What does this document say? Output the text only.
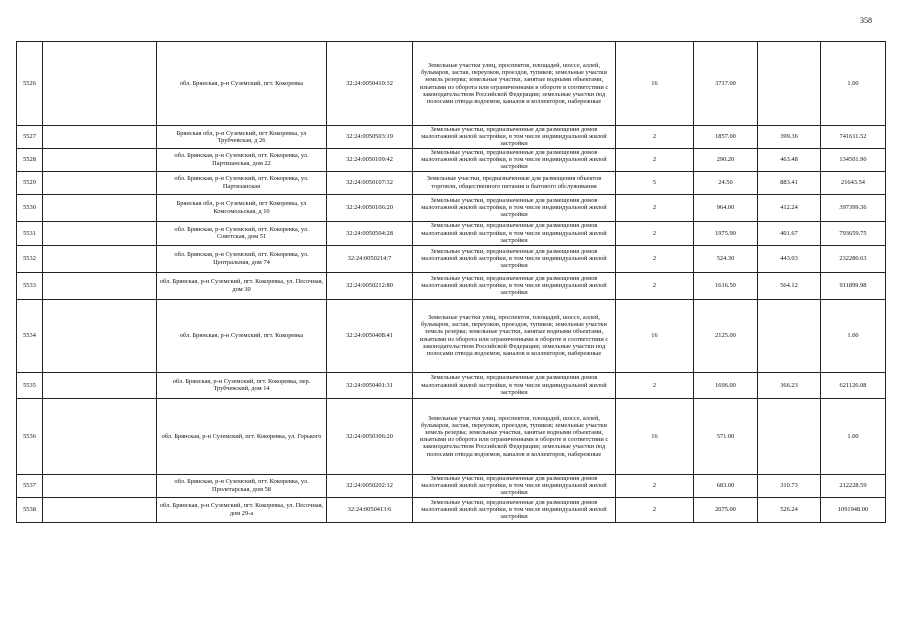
358
5526		обл. Брянская, р-н Суземский, пгт. Кокоревка	32:24:0050410:32	Земельные участки улиц, проспектов, площадей, шоссе, аллей, бульваров, застав, переулков, проездов, тупиков; земельные участки земель резерва; земельные участки, занятые водными объектами, изъятыми из оборота или ограниченными в обороте в соответствии с законодательством Российской Федерации; земельные участки под полосами отвода водоемов, каналов и коллекторов, набережные	16	3717.00		1.00
5527		Брянская обл, р-н Суземский, пгт Кокоревка, ул Трубчевская, д 26	32:24:0050503:19	Земельные участки, предназначенные для размещения домов малоэтажной жилой застройки, в том числе индивидуальной жилой застройки	2	1857.00	399.36	741611.52
5528		обл. Брянская, р-н Суземский, пгт. Кокоревка, ул. Партизанская, дом 22	32:24:0050109:42	Земельные участки, предназначенные для размещения домов малоэтажной жилой застройки, в том числе индивидуальной жилой застройки	2	290.20	463.48	134501.90
5529		обл. Брянская, р-н Суземский, пгт. Кокоревка, ул. Партизанская	32:24:0050107:32	Земельные участки, предназначенные для размещения объектов торговли, общественного питания и бытового обслуживания	5	24.50	883.41	21643.54
5530		Брянская обл, р-н Суземский, пгт Кокоревка, ул Комсомольская, д 10	32:24:0050106:20	Земельные участки, предназначенные для размещения домов малоэтажной жилой застройки, в том числе индивидуальной жилой застройки	2	964.00	412.24	397399.36
5531		обл. Брянская, р-н Суземский, пгт. Кокоревка, ул. Советская, дом 51	32:24:0050504:28	Земельные участки, предназначенные для размещения домов малоэтажной жилой застройки, в том числе индивидуальной жилой застройки	2	1975.90	401.67	793659.75
5532		обл. Брянская, р-н Суземский, пгт. Кокоревка, ул. Центральная, дом 74	32:24:0050214:7	Земельные участки, предназначенные для размещения домов малоэтажной жилой застройки, в том числе индивидуальной жилой застройки	2	524.30	443.03	232280.63
5533		обл. Брянская, р-н Суземский, пгт. Кокоревка, ул. Песочная, дом 30	32:24:0050212:80	Земельные участки, предназначенные для размещения домов малоэтажной жилой застройки, в том числе индивидуальной жилой застройки	2	1616.50	564.12	911899.98
5534		обл. Брянская, р-н Суземский, пгт. Кокоревка	32:24:0050408:41	Земельные участки улиц, проспектов, площадей, шоссе, аллей, бульваров, застав, переулков, проездов, тупиков; земельные участки земель резерва; земельные участки, занятые водными объектами, изъятыми из оборота или ограниченными в обороте в соответствии с законодательством Российской Федерации; земельные участки под полосами отвода водоемов, каналов и коллекторов, набережные	16	2125.00		1.00
5535		обл. Брянская, р-н Суземский, пгт. Кокоревка, пер. Трубчевский, дом 14	32:24:0050401:31	Земельные участки, предназначенные для размещения домов малоэтажной жилой застройки, в том числе индивидуальной жилой застройки	2	1696.00	366.23	621126.08
5536		обл. Брянская, р-н Суземский, пгт. Кокоревка, ул. Горького	32:24:0050306:20	Земельные участки улиц, проспектов, площадей, шоссе, аллей, бульваров, застав, переулков, проездов, тупиков; земельные участки земель резерва; земельные участки, занятые водными объектами, изъятыми из оборота или ограниченными в обороте в соответствии с законодательством Российской Федерации; земельные участки под полосами отвода водоемов, каналов и коллекторов, набережные	16	571.00		1.00
5537		обл. Брянская, р-н Суземский, пгт. Кокоревка, ул. Пролетарская, дом 58	32:24:0050202:12	Земельные участки, предназначенные для размещения домов малоэтажной жилой застройки, в том числе индивидуальной жилой застройки	2	683.00	310.73	212228.59
5538		обл. Брянская, р-н Суземский, пгт. Кокоревка, ул. Песочная, дом 29-а	32:24:0050413:6	Земельные участки, предназначенные для размещения домов малоэтажной жилой застройки, в том числе индивидуальной жилой застройки	2	2075.00	526.24	1091948.00
